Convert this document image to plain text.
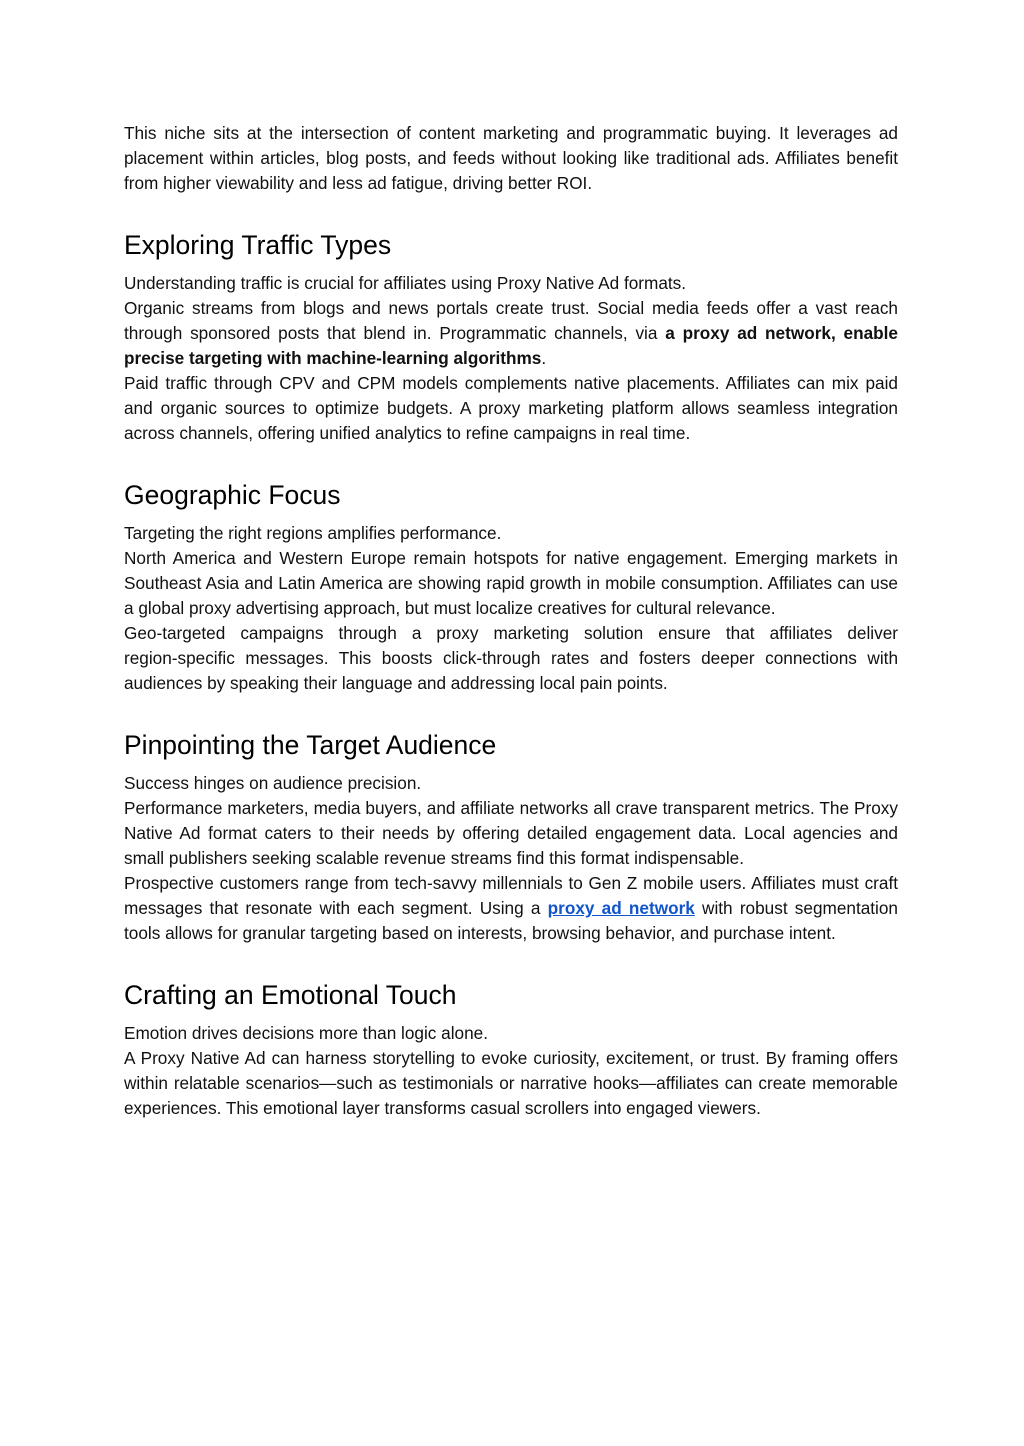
This niche sits at the intersection of content marketing and programmatic buying. It leverages ad placement within articles, blog posts, and feeds without looking like traditional ads. Affiliates benefit from higher viewability and less ad fatigue, driving better ROI.

Exploring Traffic Types

Understanding traffic is crucial for affiliates using Proxy Native Ad formats.

Organic streams from blogs and news portals create trust. Social media feeds offer a vast reach through sponsored posts that blend in. Programmatic channels, via a proxy ad network, enable precise targeting with machine‑learning algorithms.

Paid traffic through CPV and CPM models complements native placements. Affiliates can mix paid and organic sources to optimize budgets. A proxy marketing platform allows seamless integration across channels, offering unified analytics to refine campaigns in real time.

Geographic Focus

Targeting the right regions amplifies performance.

North America and Western Europe remain hotspots for native engagement. Emerging markets in Southeast Asia and Latin America are showing rapid growth in mobile consumption. Affiliates can use a global proxy advertising approach, but must localize creatives for cultural relevance.

Geo‑targeted campaigns through a proxy marketing solution ensure that affiliates deliver region‑specific messages. This boosts click‑through rates and fosters deeper connections with audiences by speaking their language and addressing local pain points.

Pinpointing the Target Audience

Success hinges on audience precision.

Performance marketers, media buyers, and affiliate networks all crave transparent metrics. The Proxy Native Ad format caters to their needs by offering detailed engagement data. Local agencies and small publishers seeking scalable revenue streams find this format indispensable.

Prospective customers range from tech‑savvy millennials to Gen Z mobile users. Affiliates must craft messages that resonate with each segment. Using a proxy ad network with robust segmentation tools allows for granular targeting based on interests, browsing behavior, and purchase intent.

Crafting an Emotional Touch

Emotion drives decisions more than logic alone.

A Proxy Native Ad can harness storytelling to evoke curiosity, excitement, or trust. By framing offers within relatable scenarios—such as testimonials or narrative hooks—affiliates can create memorable experiences. This emotional layer transforms casual scrollers into engaged viewers.
